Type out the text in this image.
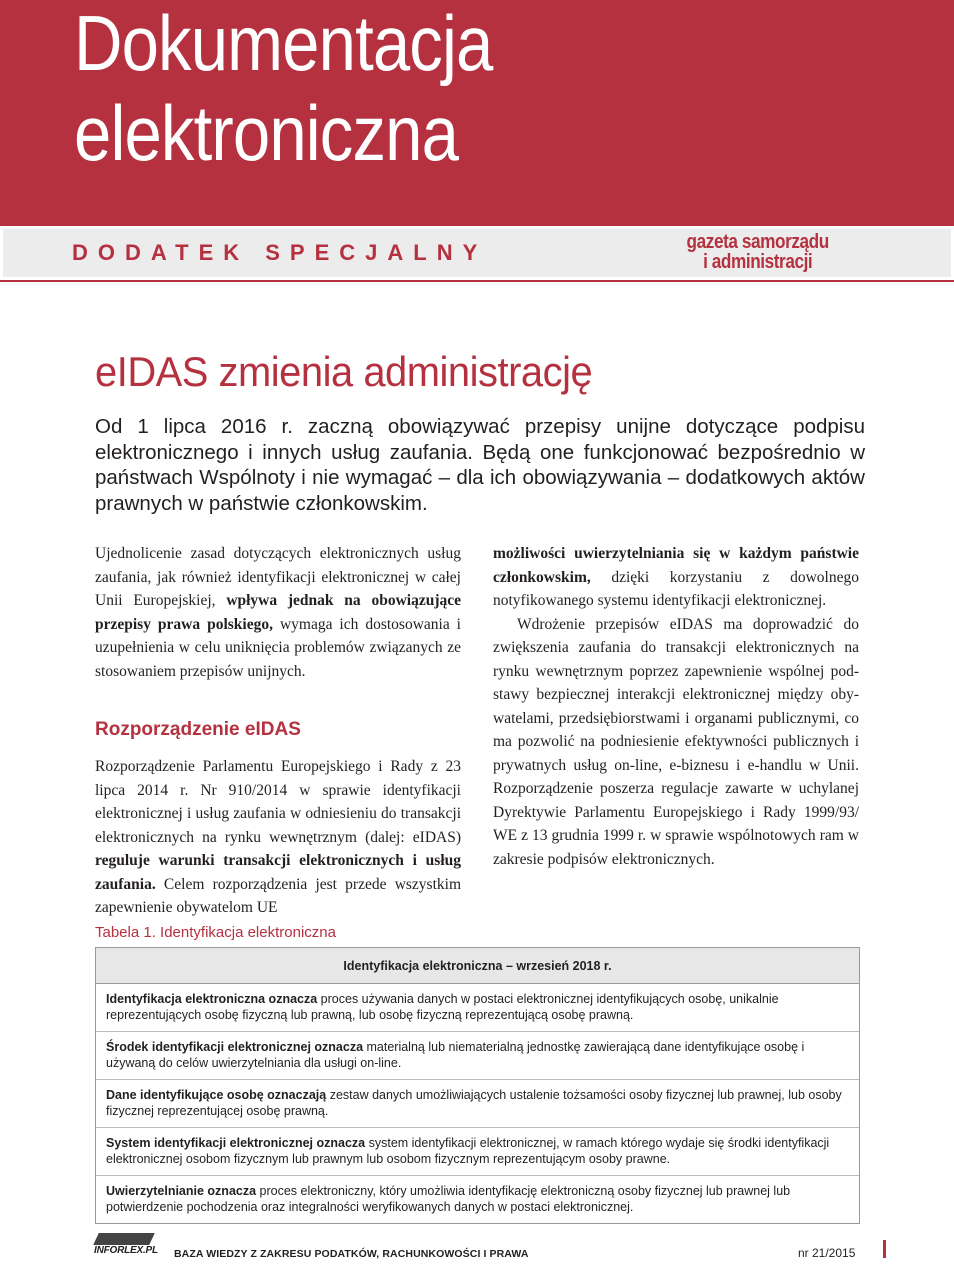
Dokumentacja
elektroniczna
DODATEK SPECJALNY	gazeta samorządu
i administracji
eIDAS zmienia administrację
Od 1 lipca 2016 r. zaczną obowiązywać przepisy unijne dotyczące podpisu elektronicznego i innych usług zaufania. Będą one funkcjonować bezpośrednio w państwach Wspólnoty i nie wymagać – dla ich obowiązywania – dodatkowych aktów prawnych w państwie członkowskim.

Ujednolicenie zasad dotyczących elektronicznych usług zaufania, jak również identyfikacji elektronicznej w całej Unii Europejskiej, wpływa jednak na obowiązujące przepisy prawa polskiego, wymaga ich dostosowania i uzupełnienia w celu uniknięcia problemów związanych ze stosowaniem przepisów unijnych.

Rozporządzenie eIDAS

Rozporządzenie Parlamentu Europejskiego i Rady z 23 lipca 2014 r. Nr 910/2014 w sprawie identyfikacji elektronicznej i usług zaufania w odniesieniu do transakcji elektronicznych na rynku wewnętrznym (dalej: eIDAS) reguluje warunki transakcji elektronicznych i usług zaufania. Celem rozporządzenia jest przede wszystkim zapewnienie obywatelom UE

możliwości uwierzytelniania się w każdym państwie członkowskim, dzięki korzystaniu z dowolnego notyfikowanego systemu identyfikacji elektronicznej.

Wdrożenie przepisów eIDAS ma doprowadzić do zwiększenia zaufania do transakcji elektronicznych na rynku wewnętrznym poprzez zapewnienie wspólnej podstawy bezpiecznej interakcji elektronicznej między obywatelami, przedsiębiorstwami i organami publicznymi, co ma pozwolić na podniesienie efektywności publicznych i prywatnych usług on-line, e-biznesu i e-handlu w Unii. Rozporządzenie poszerza regulacje zawarte w uchylanej Dyrektywie Parlamentu Europejskiego i Rady 1999/93/ WE z 13 grudnia 1999 r. w sprawie wspólnotowych ram w zakresie podpisów elektronicznych.

Tabela 1. Identyfikacja elektroniczna
Identyfikacja elektroniczna – wrzesień 2018 r.
Identyfikacja elektroniczna oznacza proces używania danych w postaci elektronicznej identyfikujących osobę, unikalnie reprezentujących osobę fizyczną lub prawną, lub osobę fizyczną reprezentującą osobę prawną.
Środek identyfikacji elektronicznej oznacza materialną lub niematerialną jednostkę zawierającą dane identyfikujące osobę i używaną do celów uwierzytelniania dla usługi on-line.
Dane identyfikujące osobę oznaczają zestaw danych umożliwiających ustalenie tożsamości osoby fizycznej lub prawnej, lub osoby fizycznej reprezentującej osobę prawną.
System identyfikacji elektronicznej oznacza system identyfikacji elektronicznej, w ramach którego wydaje się środki identyfikacji elektronicznej osobom fizycznym lub prawnym lub osobom fizycznym reprezentującym osoby prawne.
Uwierzytelnianie oznacza proces elektroniczny, który umożliwia identyfikację elektroniczną osoby fizycznej lub prawnej lub potwierdzenie pochodzenia oraz integralności weryfikowanych danych w postaci elektronicznej.
INFORLEX.PL BAZA WIEDZY Z ZAKRESU PODATKÓW, RACHUNKOWOŚCI I PRAWA	nr 21/2015
